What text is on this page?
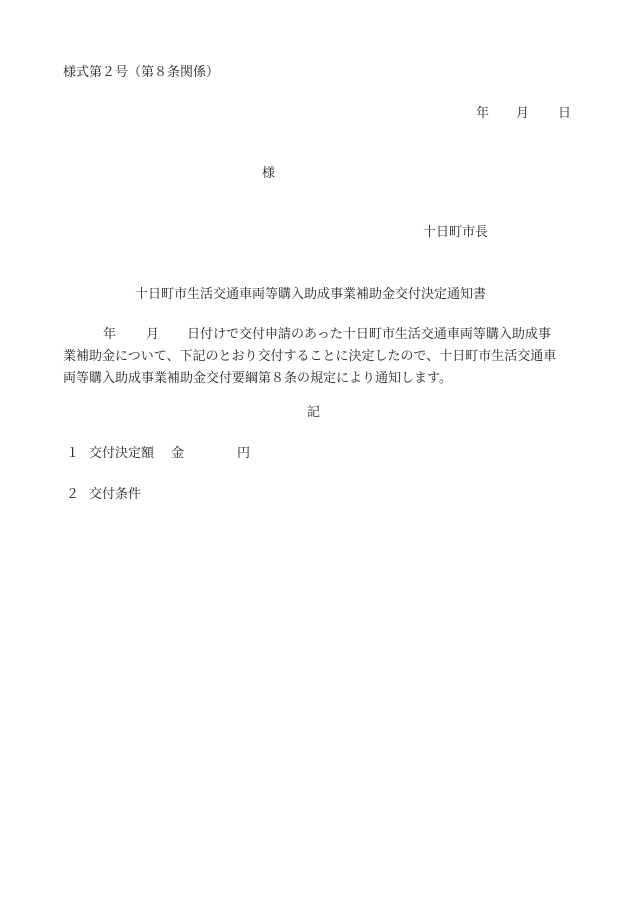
様式第２号（第８条関係）
年 月 日
様
十日町市長
十日町市生活交通車両等購入助成事業補助金交付決定通知書
年 月 日付けで交付申請のあった十日町市生活交通車両等購入助成事
業補助金について、下記のとおり交付することに決定したので、十日町市生活交通車
両等購入助成事業補助金交付要綱第８条の規定により通知します。
記
１ 交付決定額 金	円
２ 交付条件
